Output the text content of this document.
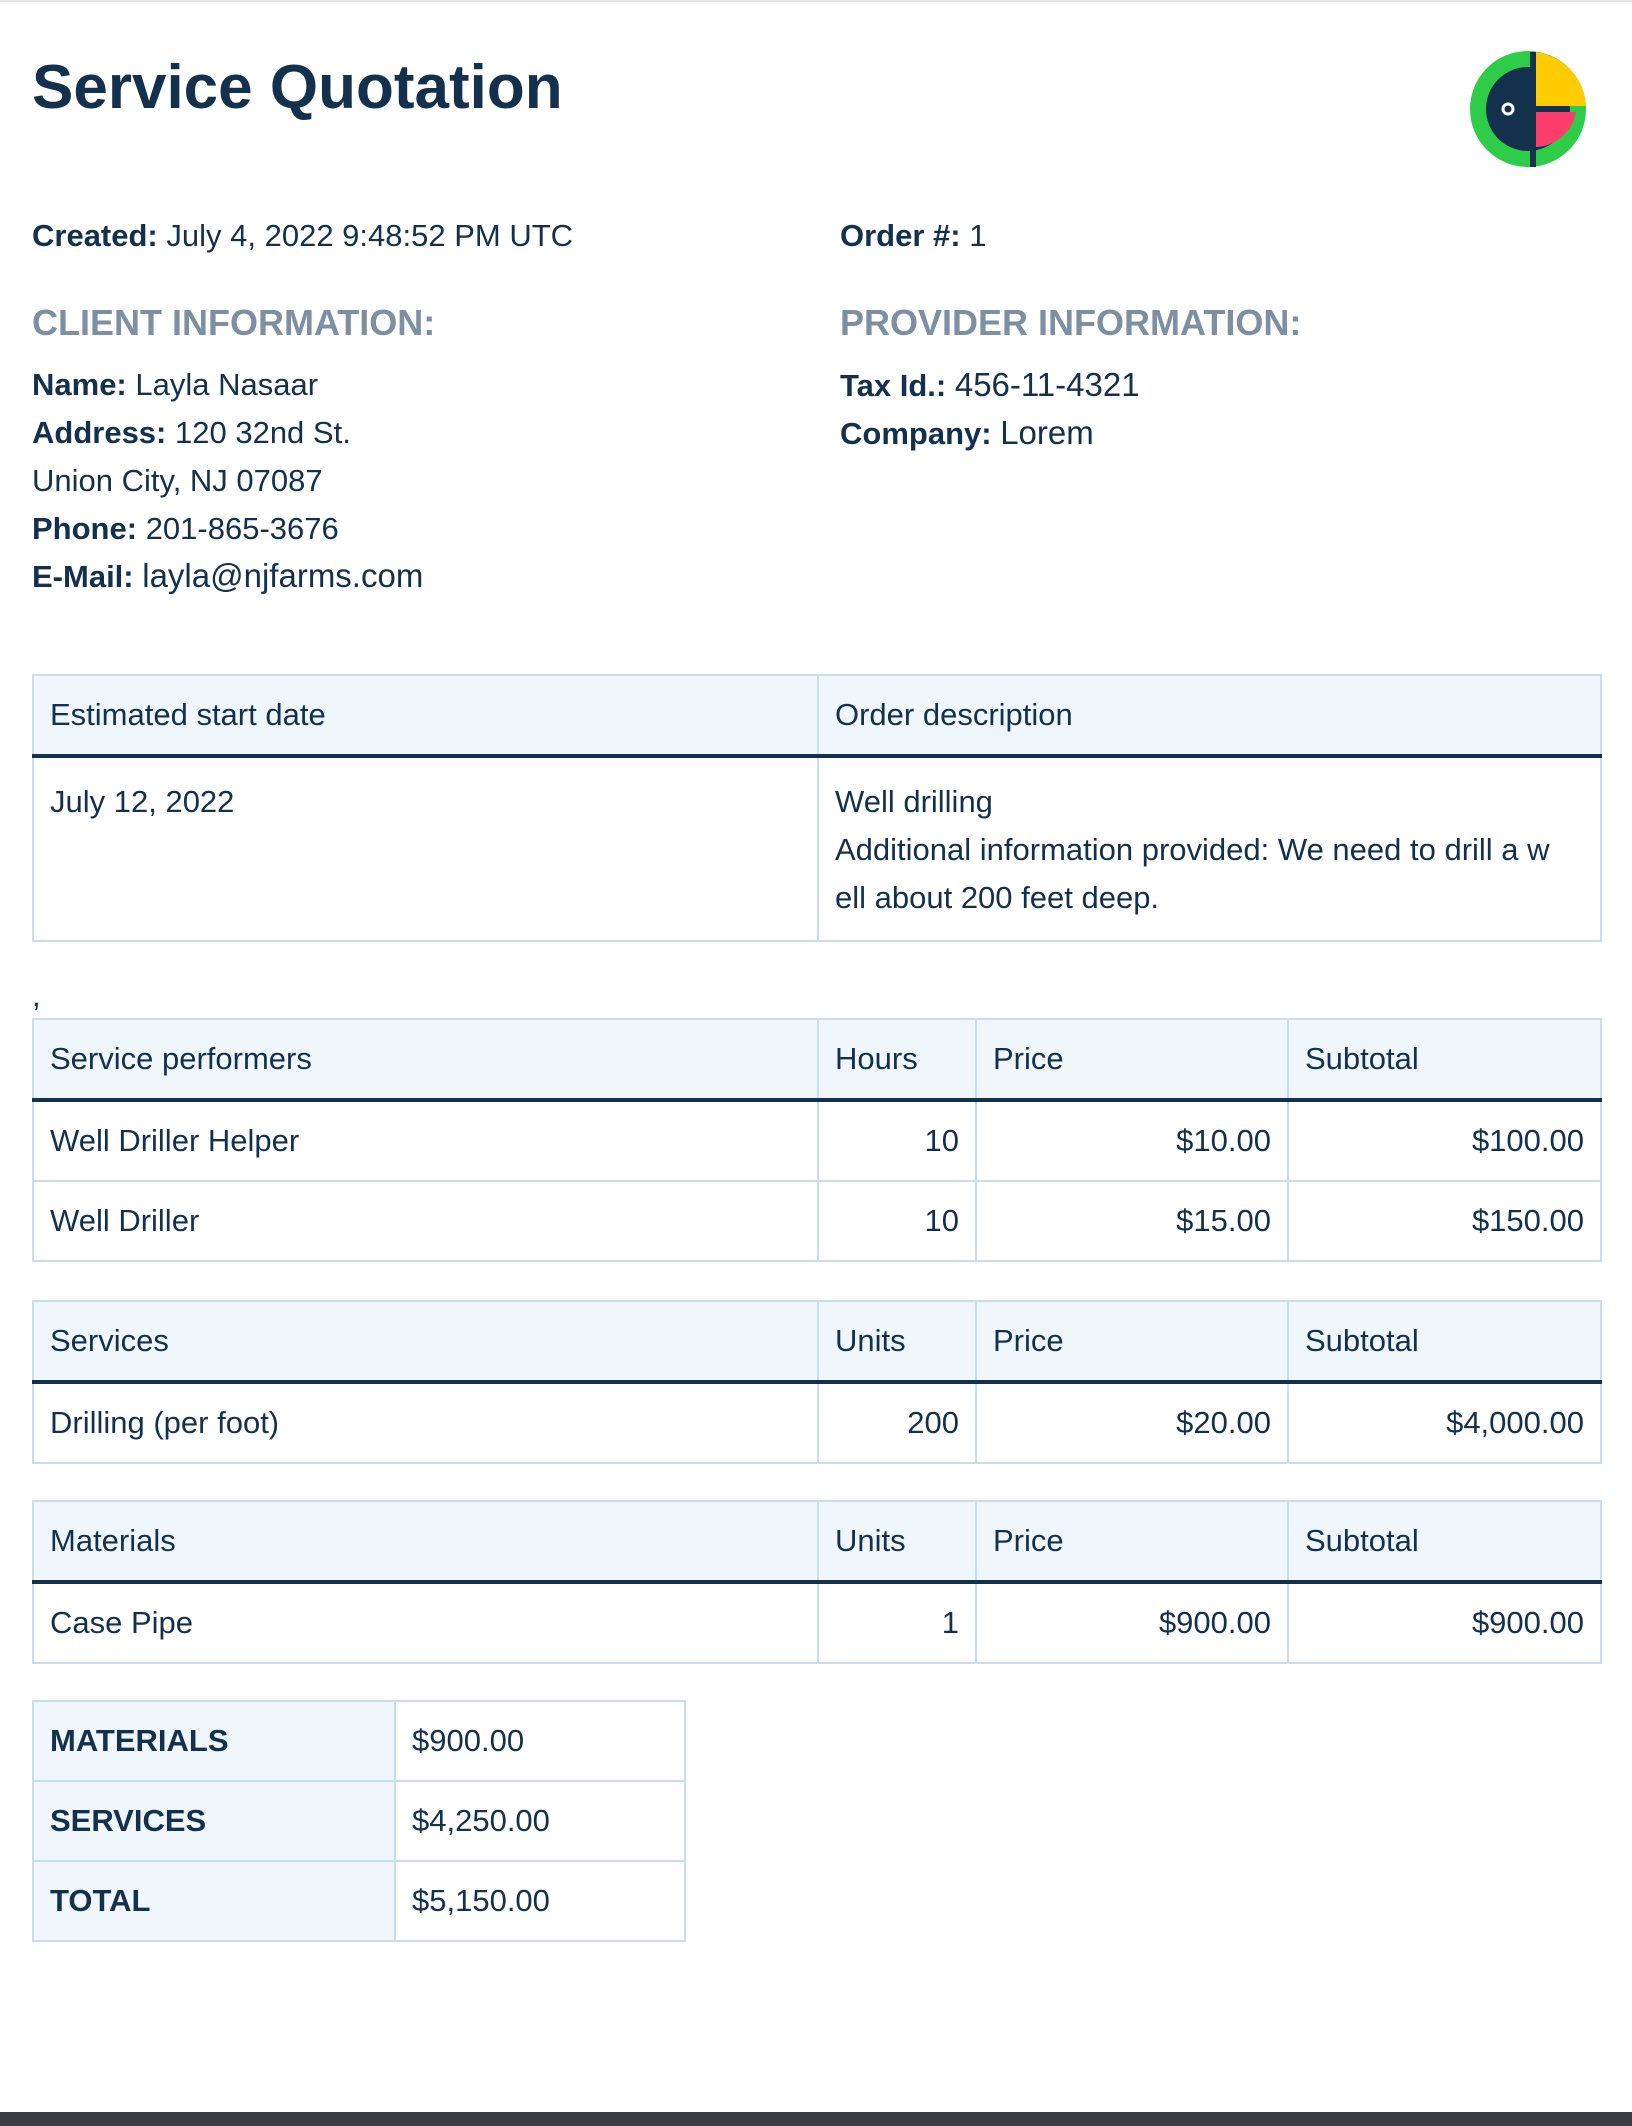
Service Quotation
Created: July 4, 2022 9:48:52 PM UTC	Order #: 1
CLIENT INFORMATION:
Name: Layla Nasaar
Address: 120 32nd St.
Union City, NJ 07087
Phone: 201-865-3676
E-Mail: layla@njfarms.com
PROVIDER INFORMATION:
Tax Id.: 456-11-4321
Company: Lorem
Estimated start date	Order description
July 12, 2022	Well drilling
Additional information provided: We need to drill a w
ell about 200 feet deep.
,
Service performers	Hours	Price	Subtotal
Well Driller Helper	10	$10.00	$100.00
Well Driller	10	$15.00	$150.00
Services	Units	Price	Subtotal
Drilling (per foot)	200	$20.00	$4,000.00
Materials	Units	Price	Subtotal
Case Pipe	1	$900.00	$900.00
MATERIALS	$900.00
SERVICES	$4,250.00
TOTAL	$5,150.00
